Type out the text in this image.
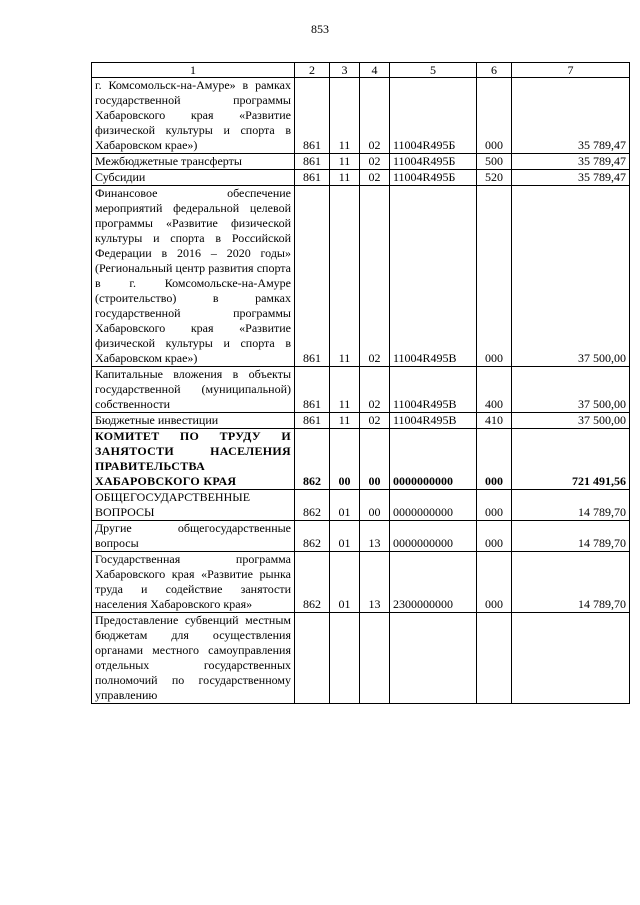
853
1	2	3	4	5	6	7
г. Комсомольск-на-Амуре» в рамках государственной программы Хабаровского края «Развитие физической культуры и спорта в Хабаровском крае»)	861	11	02	11004R495Б	000	35 789,47
Межбюджетные трансферты	861	11	02	11004R495Б	500	35 789,47
Субсидии	861	11	02	11004R495Б	520	35 789,47
Финансовое обеспечение мероприятий федеральной целевой программы «Развитие физической культуры и спорта в Российской Федерации в 2016 – 2020 годы» (Региональный центр развития спорта в г. Комсомольске-на-Амуре (строительство) в рамках государственной программы Хабаровского края «Развитие физической культуры и спорта в Хабаровском крае»)	861	11	02	11004R495В	000	37 500,00
Капитальные вложения в объекты государственной (муниципальной) собственности	861	11	02	11004R495В	400	37 500,00
Бюджетные инвестиции	861	11	02	11004R495В	410	37 500,00
КОМИТЕТ ПО ТРУДУ И ЗАНЯТОСТИ НАСЕЛЕНИЯ ПРАВИТЕЛЬСТВА ХАБАРОВСКОГО КРАЯ	862	00	00	0000000000	000	721 491,56
ОБЩЕГОСУДАРСТВЕННЫЕ ВОПРОСЫ	862	01	00	0000000000	000	14 789,70
Другие общегосударственные вопросы	862	01	13	0000000000	000	14 789,70
Государственная программа Хабаровского края «Развитие рынка труда и содействие занятости населения Хабаровского края»	862	01	13	2300000000	000	14 789,70
Предоставление субвенций местным бюджетам для осуществления органами местного самоуправления отдельных государственных полномочий по государственному управлению						
